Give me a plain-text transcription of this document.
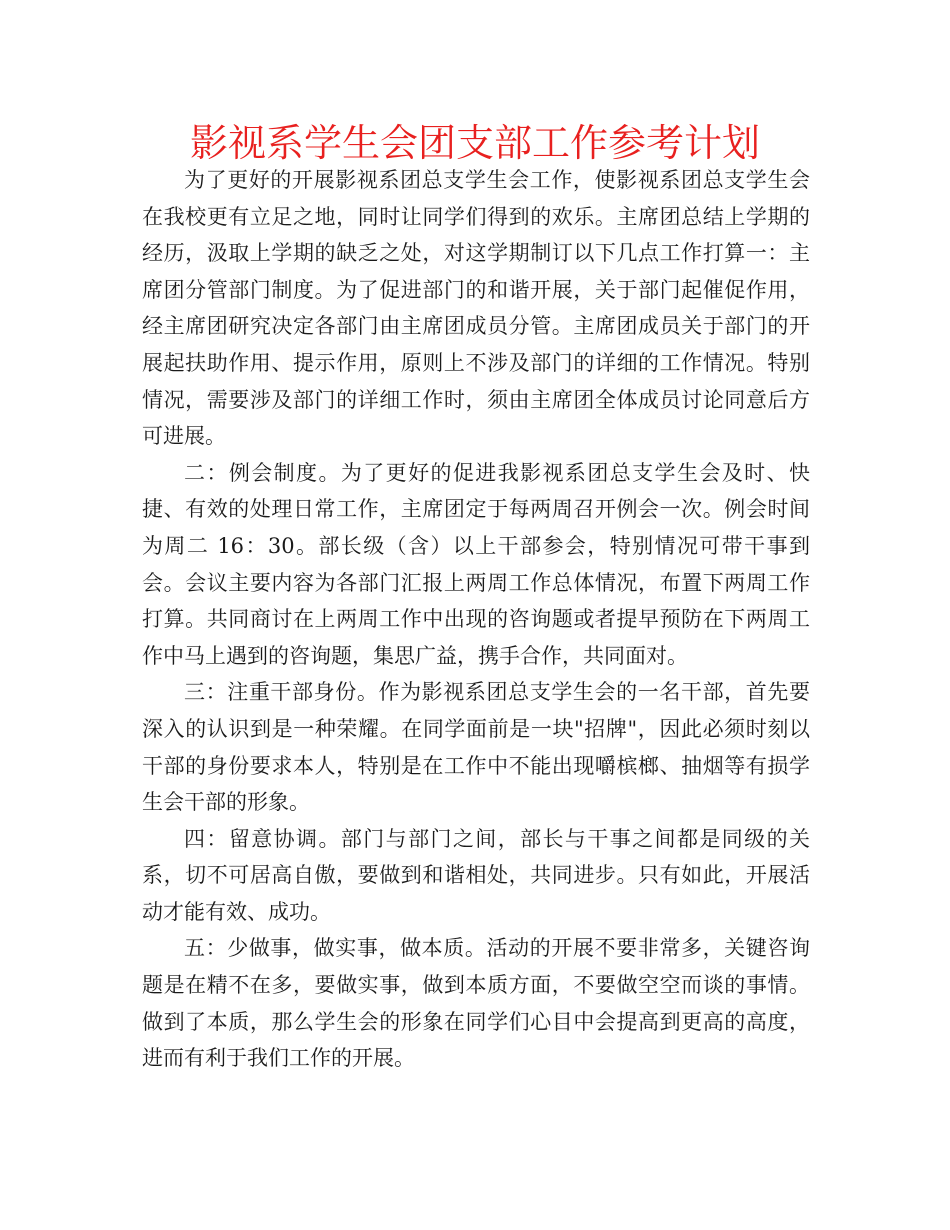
影视系学生会团支部工作参考计划

为了更好的开展影视系团总支学生会工作，使影视系团总支学生会在我校更有立足之地，同时让同学们得到的欢乐。主席团总结上学期的经历，汲取上学期的缺乏之处，对这学期制订以下几点工作打算一：主席团分管部门制度。为了促进部门的和谐开展，关于部门起催促作用，经主席团研究决定各部门由主席团成员分管。主席团成员关于部门的开展起扶助作用、提示作用，原则上不涉及部门的详细的工作情况。特别情况，需要涉及部门的详细工作时，须由主席团全体成员讨论同意后方可进展。

二：例会制度。为了更好的促进我影视系团总支学生会及时、快捷、有效的处理日常工作，主席团定于每两周召开例会一次。例会时间为周二 16：30。部长级（含）以上干部参会，特别情况可带干事到会。会议主要内容为各部门汇报上两周工作总体情况，布置下两周工作打算。共同商讨在上两周工作中出现的咨询题或者提早预防在下两周工作中马上遇到的咨询题，集思广益，携手合作，共同面对。

三：注重干部身份。作为影视系团总支学生会的一名干部，首先要深入的认识到是一种荣耀。在同学面前是一块"招牌"，因此必须时刻以干部的身份要求本人，特别是在工作中不能出现嚼槟榔、抽烟等有损学生会干部的形象。

四：留意协调。部门与部门之间，部长与干事之间都是同级的关系，切不可居高自傲，要做到和谐相处，共同进步。只有如此，开展活动才能有效、成功。

五：少做事，做实事，做本质。活动的开展不要非常多，关键咨询题是在精不在多，要做实事，做到本质方面，不要做空空而谈的事情。做到了本质，那么学生会的形象在同学们心目中会提高到更高的高度，进而有利于我们工作的开展。
